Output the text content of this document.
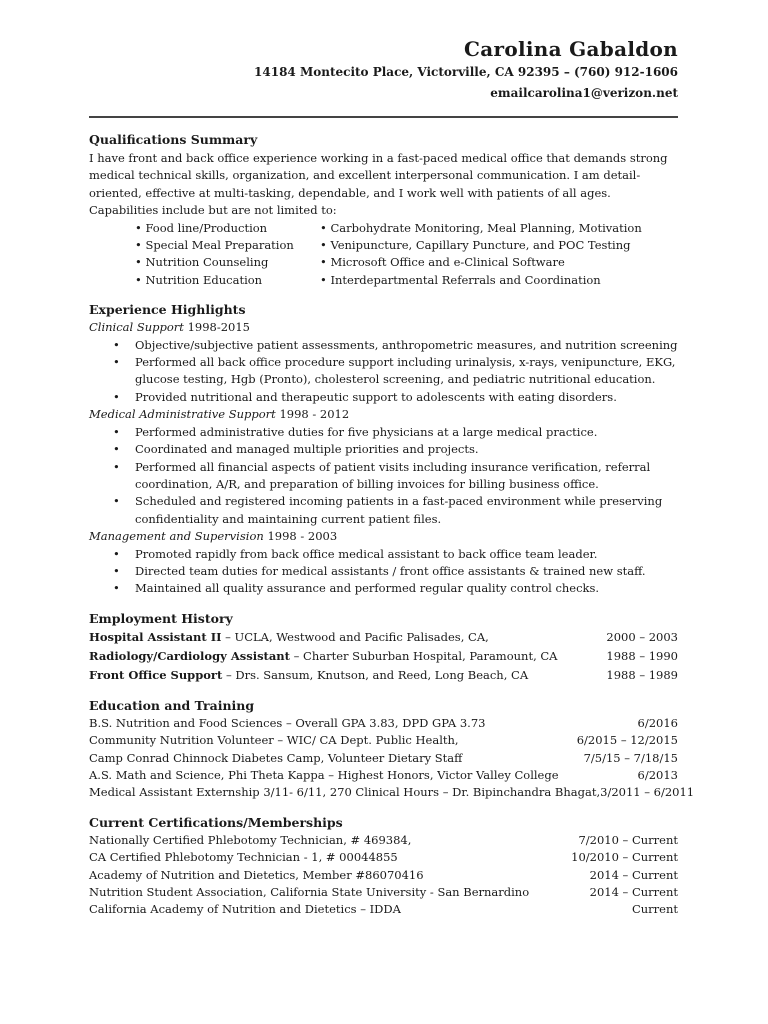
Carolina Gabaldon
14184 Montecito Place, Victorville, CA 92395 – (760) 912-1606
emailcarolina1@verizon.net
Qualifications Summary

I have front and back office experience working in a fast-paced medical office that demands strong medical technical skills, organization, and excellent interpersonal communication. I am detail-oriented, effective at multi-tasking, dependable, and I work well with patients of all ages. Capabilities include but are not limited to:

• Food line/Production	• Carbohydrate Monitoring, Meal Planning, Motivation
• Special Meal Preparation	• Venipuncture, Capillary Puncture, and POC Testing
• Nutrition Counseling	• Microsoft Office and e-Clinical Software
• Nutrition Education	• Interdepartmental Referrals and Coordination
Experience Highlights
Clinical Support 1998-2015
• Objective/subjective patient assessments, anthropometric measures, and nutrition screening
• Performed all back office procedure support including urinalysis, x-rays, venipuncture, EKG, glucose testing, Hgb (Pronto), cholesterol screening, and pediatric nutritional education.
• Provided nutritional and therapeutic support to adolescents with eating disorders.
Medical Administrative Support 1998 - 2012
• Performed administrative duties for five physicians at a large medical practice.
• Coordinated and managed multiple priorities and projects.
• Performed all financial aspects of patient visits including insurance verification, referral coordination, A/R, and preparation of billing invoices for billing business office.
• Scheduled and registered incoming patients in a fast-paced environment while preserving confidentiality and maintaining current patient files.
Management and Supervision 1998 - 2003
• Promoted rapidly from back office medical assistant to back office team leader.
• Directed team duties for medical assistants / front office assistants & trained new staff.
• Maintained all quality assurance and performed regular quality control checks.
Employment History
Hospital Assistant II – UCLA, Westwood and Pacific Palisades, CA,	2000 – 2003
Radiology/Cardiology Assistant – Charter Suburban Hospital, Paramount, CA	1988 – 1990
Front Office Support – Drs. Sansum, Knutson, and Reed, Long Beach, CA	1988 – 1989
Education and Training
B.S. Nutrition and Food Sciences – Overall GPA 3.83, DPD GPA 3.73	6/2016
Community Nutrition Volunteer – WIC/ CA Dept. Public Health,	6/2015 – 12/2015
Camp Conrad Chinnock Diabetes Camp, Volunteer Dietary Staff	7/5/15 – 7/18/15
A.S. Math and Science, Phi Theta Kappa – Highest Honors, Victor Valley College	6/2013
Medical Assistant Externship 3/11- 6/11, 270 Clinical Hours – Dr. Bipinchandra Bhagat, 3/2011 – 6/2011
Current Certifications/Memberships
Nationally Certified Phlebotomy Technician, # 469384,	7/2010 – Current
CA Certified Phlebotomy Technician - 1, # 00044855	10/2010 – Current
Academy of Nutrition and Dietetics, Member #86070416	2014 – Current
Nutrition Student Association, California State University - San Bernardino	2014 – Current
California Academy of Nutrition and Dietetics – IDDA	Current
